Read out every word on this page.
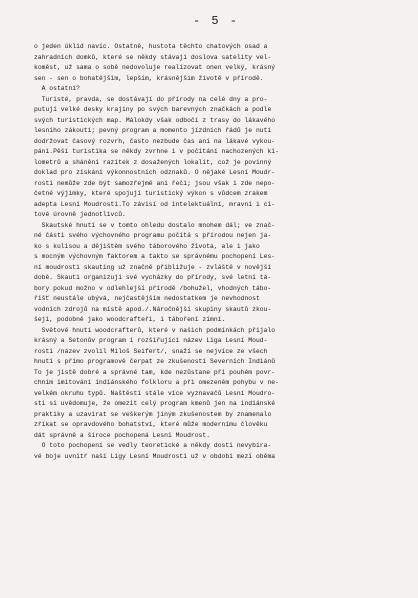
- 5 -
o jeden úklid navíc. Ostatně, hustota těchto chatových osad a
zahradních domků, které se někdy stávají doslova satelity vel-
koměst, už sama o sobě nedovoluje realizovat onen velký, krásný
sen - sen o bohatějším, lepším, krásnějším životě v přírodě.
A ostatní?
Turisté, pravda, se dostávají do přírody na celé dny a pro-
putují velké desky krajiny po svých barevných značkách a podle
svých turistických map. Málokdy však odbočí z trasy do lákavého
lesního zákoutí; pevný program a momento jízdních řádů je nutí
dodržovat časový rozvrh, často nezbude čas ani na lákavé vykou-
pání.Pěší turistika se někdy zvrhne i v počítání nachozených ki-
lometrů a shánění razítek z dosažených lokalit, což je povinný
doklad pro získání výkonnostních odznaků. O nějaké Lesní Moudr-
rosti nemůže zde být samozřejmě ani řeči; jsou však i zde nepo-
četné výjimky, které spojují turistický výkon s vůdcem zrakem
adepta Lesní Moudrosti.To závisí od intelektuální, mravní i ci-
tové úrovně jednotlivců.
Skautské hnutí se v tomto ohledu dostalo mnohem dál; ve znač-
né části svého výchovného programu počítá s přírodou nejen ja-
ko s kulisou a dějištěm svého táborového života, ale i jako
s mocným výchovným faktorem a takto se správnému pochopení Les-
ní moudrosti skauting už značně přibližuje - zvláště v novější
době. Skauti organizují své vycházky do přírody, své letní tá-
bory pokud možno v odlehlejší přírodě /bohužel, vhodných tábo-
řišť neustále ubývá, nejčastějším nedostatkem je nevhodnost
vodních zdrojů na místě apod./.Náročnější skupiny skautů zkou-
šejí, podobně jako woodcrafteři, i táboření zimní.
Světové hnutí woodcrafterů, které v našich podmínkách přijalo
krásný a Setonův program i rozšiřující název Liga Lesní Moud-
rosti /název zvolil Miloš Seifert/, snaží se nejvíce ze všech
hnutí s přímo programově čerpat ze zkušeností Severních Indiánů
To je jistě dobré a správné tam, kde nezůstane při pouhém povr-
chním imitování indiánského folkloru a při omezeném pohybu v ne-
velkém okruhu typů. Naštěstí stále více vyznavačů Lesní Moudro-
sti si uvědomuje, že omezit celý program kmenů jen na indiánské
praktiky a uzavírat se veškerým jiným zkušenostem by znamenalo
zříkat se opravdového bohatství, které může modernímu člověku
dát správně a široce pochopená Lesní Moudrost.
O toto pochopení se vedly teoretické a někdy dosti nevybíra-
vé boje uvnitř naší Ligy Lesní Moudrosti už v období mezi oběma
